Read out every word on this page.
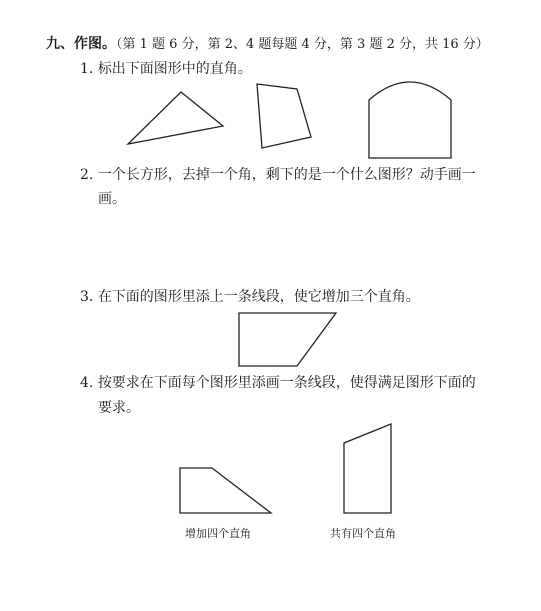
九、作图。（第 1 题 6 分，第 2、4 题每题 4 分，第 3 题 2 分，共 16 分）
1. 标出下面图形中的直角。
2. 一个长方形，去掉一个角，剩下的是一个什么图形？动手画一
画。
3. 在下面的图形里添上一条线段，使它增加三个直角。
4. 按要求在下面每个图形里添画一条线段，使得满足图形下面的
要求。
增加四个直角	共有四个直角
